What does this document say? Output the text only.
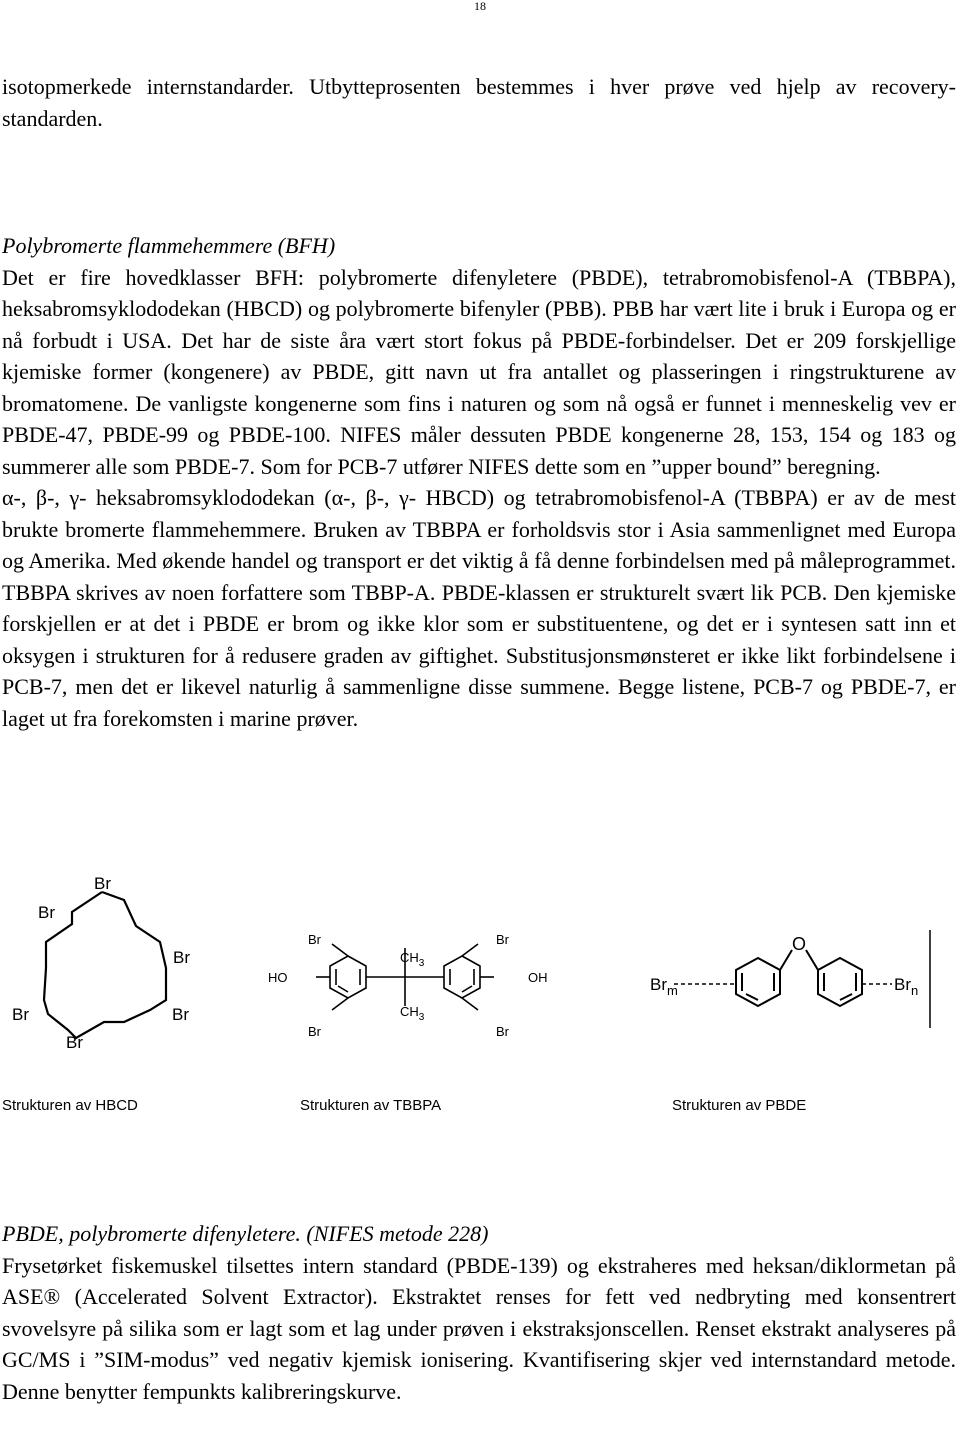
18

isotopmerkede internstandarder. Utbytteprosenten bestemmes i hver prøve ved hjelp av recovery-standarden.

Polybromerte flammehemmere (BFH)

Det er fire hovedklasser BFH: polybromerte difenyletere (PBDE), tetrabromobisfenol-A (TBBPA), heksabromsyklododekan (HBCD) og polybromerte bifenyler (PBB). PBB har vært lite i bruk i Europa og er nå forbudt i USA. Det har de siste åra vært stort fokus på PBDE-forbindelser. Det er 209 forskjellige kjemiske former (kongenere) av PBDE, gitt navn ut fra antallet og plasseringen i ringstrukturene av bromatomene. De vanligste kongenerne som fins i naturen og som nå også er funnet i menneskelig vev er PBDE-47, PBDE-99 og PBDE-100. NIFES måler dessuten PBDE kongenerne 28, 153, 154 og 183 og summerer alle som PBDE-7. Som for PCB-7 utfører NIFES dette som en ”upper bound” beregning.

α-, β-, γ- heksabromsyklododekan (α-, β-, γ- HBCD) og tetrabromobisfenol-A (TBBPA) er av de mest brukte bromerte flammehemmere. Bruken av TBBPA er forholdsvis stor i Asia sammenlignet med Europa og Amerika. Med økende handel og transport er det viktig å få denne forbindelsen med på måleprogrammet. TBBPA skrives av noen forfattere som TBBP-A. PBDE-klassen er strukturelt svært lik PCB. Den kjemiske forskjellen er at det i PBDE er brom og ikke klor som er substituentene, og det er i syntesen satt inn et oksygen i strukturen for å redusere graden av giftighet. Substitusjonsmønsteret er ikke likt forbindelsene i PCB-7, men det er likevel naturlig å sammenligne disse summene. Begge listene, PCB-7 og PBDE-7, er laget ut fra forekomsten i marine prøver.

Br
Br
Br
Br	Br
Br
Br
Br
Br
Br
HO	OH
$CH_3$
$CH_3$
O
$Br_m$	$Br_n$
Strukturen av HBCD	Strukturen av TBBPA	Strukturen av PBDE
PBDE, polybromerte difenyletere. (NIFES metode 228)

Frysetørket fiskemuskel tilsettes intern standard (PBDE-139) og ekstraheres med heksan/diklormetan på ASE® (Accelerated Solvent Extractor). Ekstraktet renses for fett ved nedbryting med konsentrert svovelsyre på silika som er lagt som et lag under prøven i ekstraksjonscellen. Renset ekstrakt analyseres på GC/MS i ”SIM-modus” ved negativ kjemisk ionisering. Kvantifisering skjer ved internstandard metode. Denne benytter fempunkts kalibreringskurve.
